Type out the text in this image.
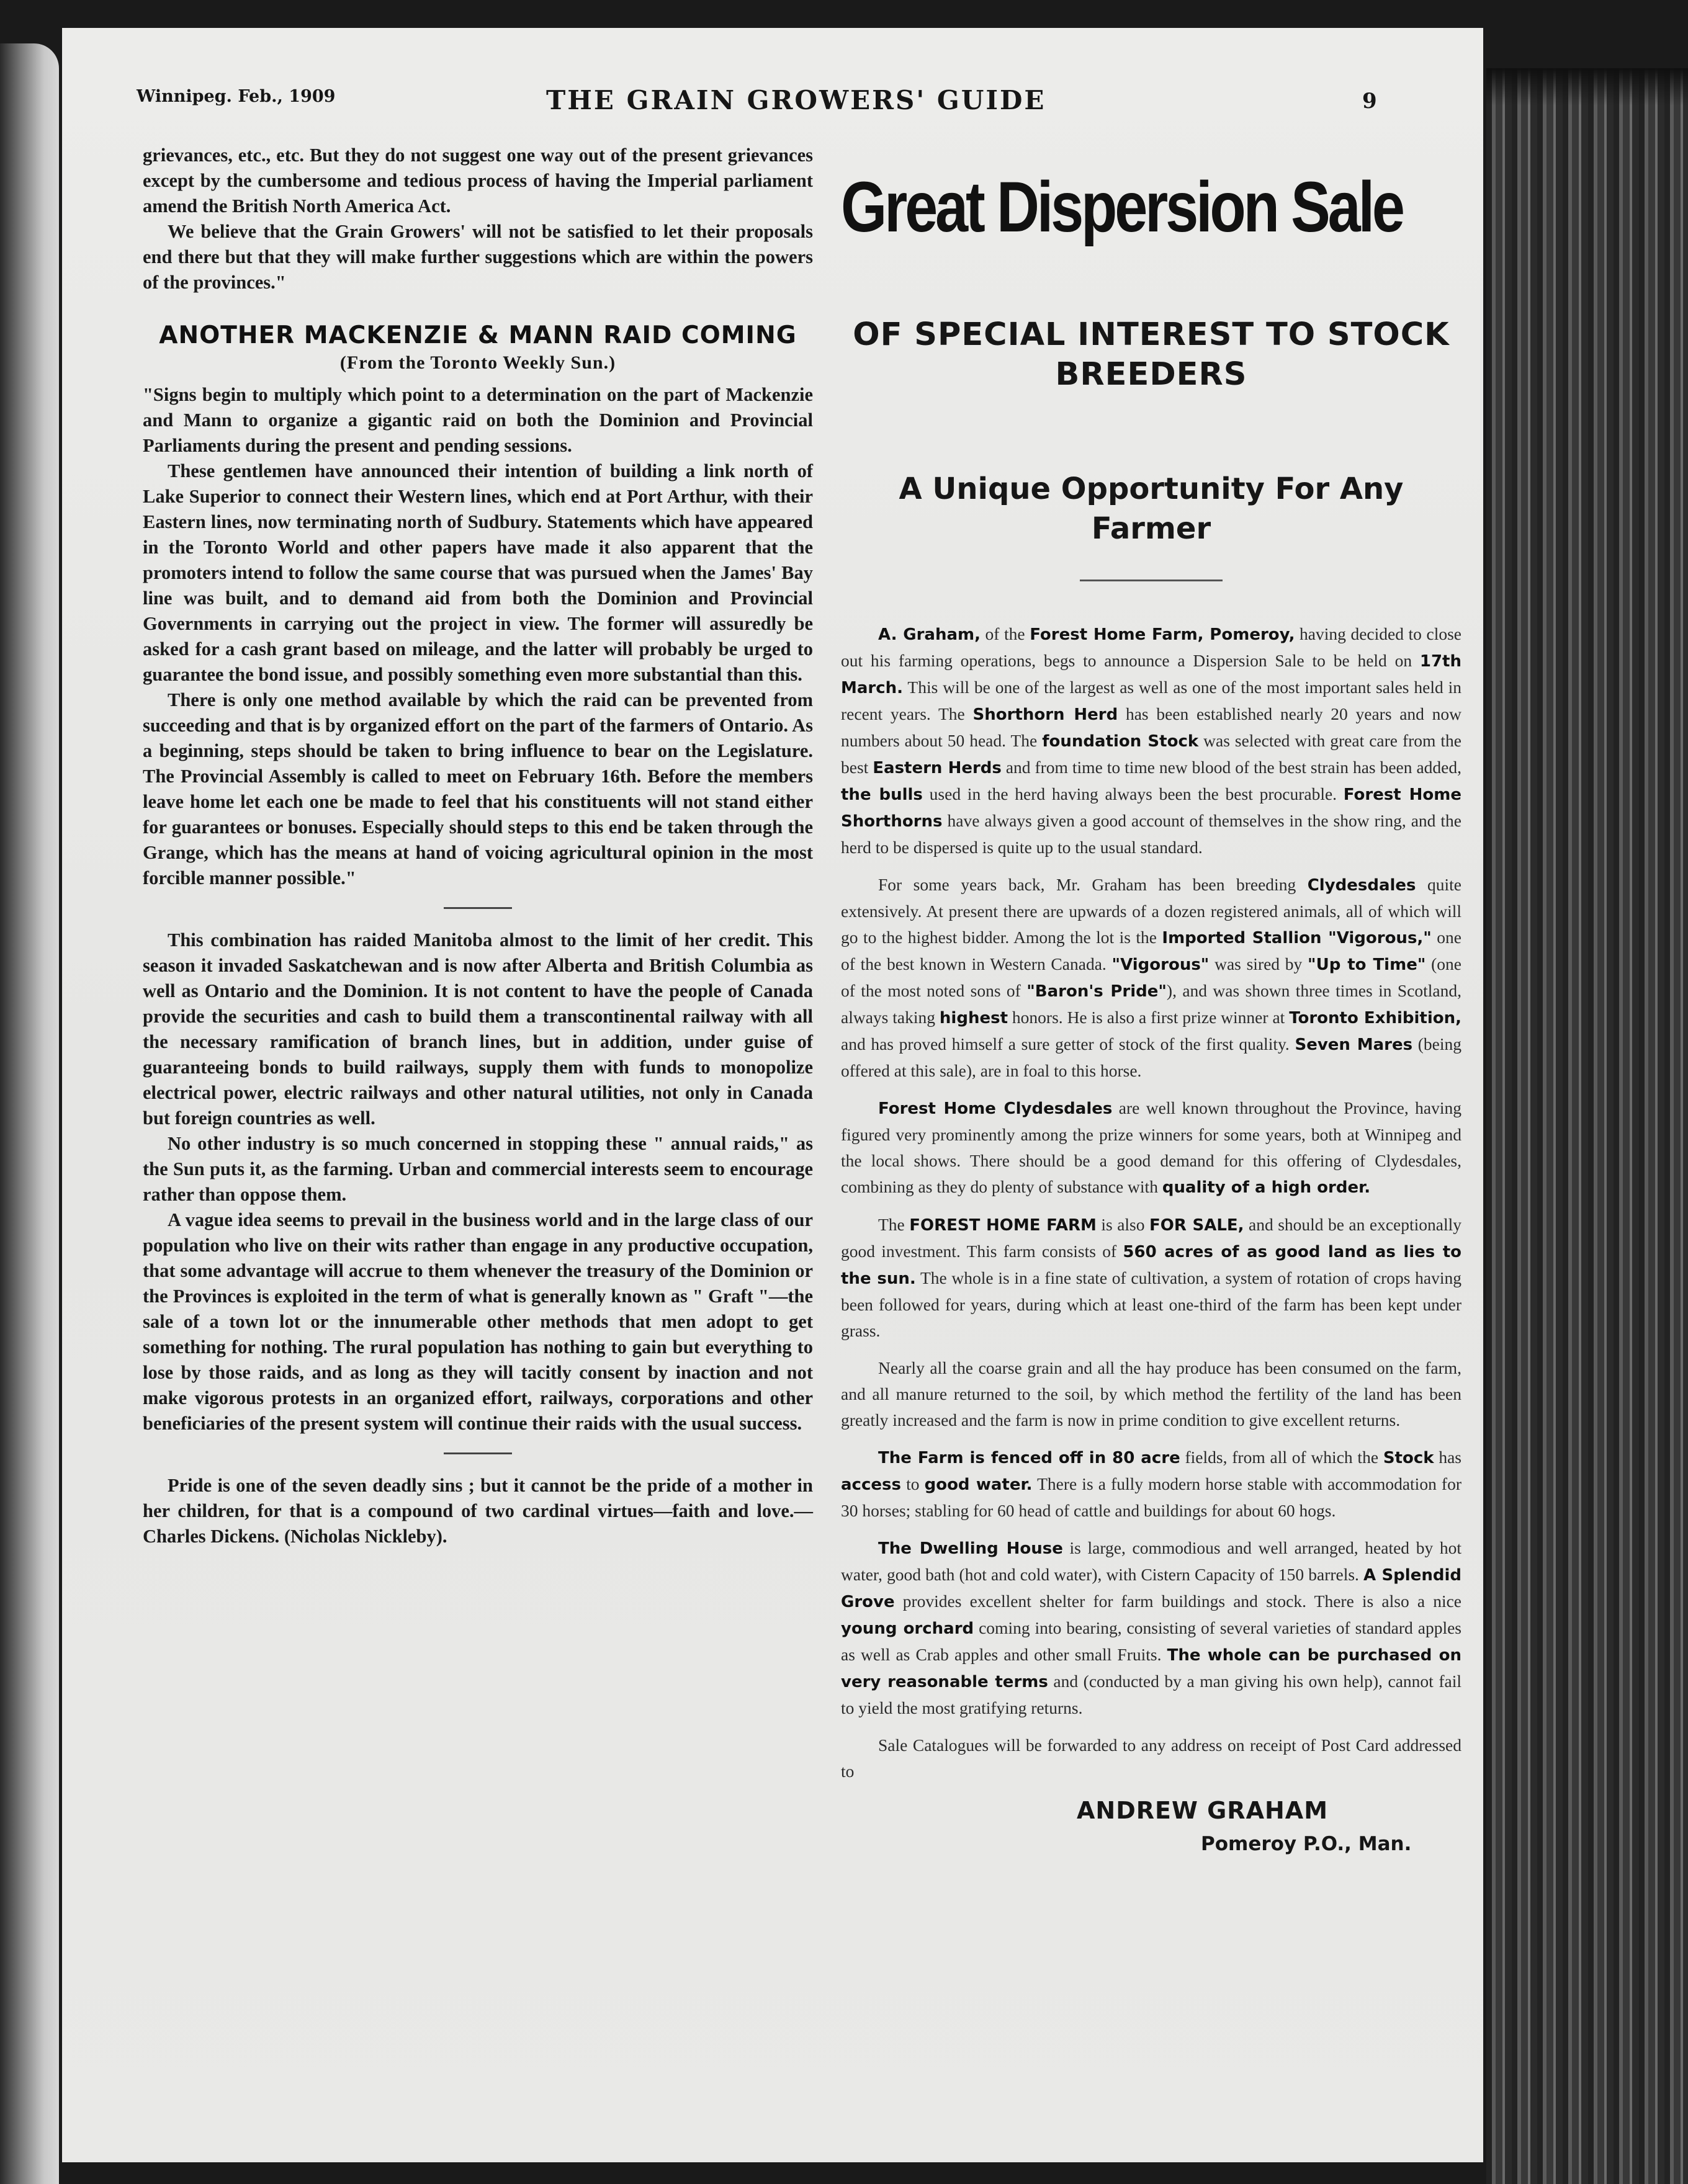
Winnipeg. Feb., 1909	THE GRAIN GROWERS' GUIDE	9

grievances, etc., etc. But they do not suggest one way out of the present grievances except by the cumbersome and tedious process of having the Imperial parliament amend the British North America Act.

We believe that the Grain Growers' will not be satisfied to let their proposals end there but that they will make further suggestions which are within the powers of the provinces."

ANOTHER MACKENZIE & MANN RAID COMING
(From the Toronto Weekly Sun.)

"Signs begin to multiply which point to a determination on the part of Mackenzie and Mann to organize a gigantic raid on both the Dominion and Provincial Parliaments during the present and pending sessions.

These gentlemen have announced their intention of building a link north of Lake Superior to connect their Western lines, which end at Port Arthur, with their Eastern lines, now terminating north of Sudbury. Statements which have appeared in the Toronto World and other papers have made it also apparent that the promoters intend to follow the same course that was pursued when the James' Bay line was built, and to demand aid from both the Dominion and Provincial Governments in carrying out the project in view. The former will assuredly be asked for a cash grant based on mileage, and the latter will probably be urged to guarantee the bond issue, and possibly something even more substantial than this.

There is only one method available by which the raid can be prevented from succeeding and that is by organized effort on the part of the farmers of Ontario. As a beginning, steps should be taken to bring influence to bear on the Legislature. The Provincial Assembly is called to meet on February 16th. Before the members leave home let each one be made to feel that his constituents will not stand either for guarantees or bonuses. Especially should steps to this end be taken through the Grange, which has the means at hand of voicing agricultural opinion in the most forcible manner possible."

This combination has raided Manitoba almost to the limit of her credit. This season it invaded Saskatchewan and is now after Alberta and British Columbia as well as Ontario and the Dominion. It is not content to have the people of Canada provide the securities and cash to build them a transcontinental railway with all the necessary ramification of branch lines, but in addition, under guise of guaranteeing bonds to build railways, supply them with funds to monopolize electrical power, electric railways and other natural utilities, not only in Canada but foreign countries as well.

No other industry is so much concerned in stopping these " annual raids," as the Sun puts it, as the farming. Urban and commercial interests seem to encourage rather than oppose them.

A vague idea seems to prevail in the business world and in the large class of our population who live on their wits rather than engage in any productive occupation, that some advantage will accrue to them whenever the treasury of the Dominion or the Provinces is exploited in the term of what is generally known as " Graft "—the sale of a town lot or the innumerable other methods that men adopt to get something for nothing. The rural population has nothing to gain but everything to lose by those raids, and as long as they will tacitly consent by inaction and not make vigorous protests in an organized effort, railways, corporations and other beneficiaries of the present system will continue their raids with the usual success.

Pride is one of the seven deadly sins ; but it cannot be the pride of a mother in her children, for that is a compound of two cardinal virtues—faith and love.—Charles Dickens. (Nicholas Nickleby).

Great Dispersion Sale
OF SPECIAL INTEREST TO STOCK BREEDERS
A Unique Opportunity For Any Farmer

A. Graham, of the Forest Home Farm, Pomeroy, having decided to close out his farming operations, begs to announce a Dispersion Sale to be held on 17th March. This will be one of the largest as well as one of the most important sales held in recent years. The Shorthorn Herd has been established nearly 20 years and now numbers about 50 head. The foundation Stock was selected with great care from the best Eastern Herds and from time to time new blood of the best strain has been added, the bulls used in the herd having always been the best procurable. Forest Home Shorthorns have always given a good account of themselves in the show ring, and the herd to be dispersed is quite up to the usual standard.

For some years back, Mr. Graham has been breeding Clydesdales quite extensively. At present there are upwards of a dozen registered animals, all of which will go to the highest bidder. Among the lot is the Imported Stallion "Vigorous," one of the best known in Western Canada. "Vigorous" was sired by "Up to Time" (one of the most noted sons of "Baron's Pride"), and was shown three times in Scotland, always taking highest honors. He is also a first prize winner at Toronto Exhibition, and has proved himself a sure getter of stock of the first quality. Seven Mares (being offered at this sale), are in foal to this horse.

Forest Home Clydesdales are well known throughout the Province, having figured very prominently among the prize winners for some years, both at Winnipeg and the local shows. There should be a good demand for this offering of Clydesdales, combining as they do plenty of substance with quality of a high order.

The FOREST HOME FARM is also FOR SALE, and should be an exceptionally good investment. This farm consists of 560 acres of as good land as lies to the sun. The whole is in a fine state of cultivation, a system of rotation of crops having been followed for years, during which at least one-third of the farm has been kept under grass.

Nearly all the coarse grain and all the hay produce has been consumed on the farm, and all manure returned to the soil, by which method the fertility of the land has been greatly increased and the farm is now in prime condition to give excellent returns.

The Farm is fenced off in 80 acre fields, from all of which the Stock has access to good water. There is a fully modern horse stable with accommodation for 30 horses; stabling for 60 head of cattle and buildings for about 60 hogs.

The Dwelling House is large, commodious and well arranged, heated by hot water, good bath (hot and cold water), with Cistern Capacity of 150 barrels. A Splendid Grove provides excellent shelter for farm buildings and stock. There is also a nice young orchard coming into bearing, consisting of several varieties of standard apples as well as Crab apples and other small Fruits. The whole can be purchased on very reasonable terms and (conducted by a man giving his own help), cannot fail to yield the most gratifying returns.

Sale Catalogues will be forwarded to any address on receipt of Post Card addressed to

ANDREW GRAHAM
Pomeroy P.O., Man.
